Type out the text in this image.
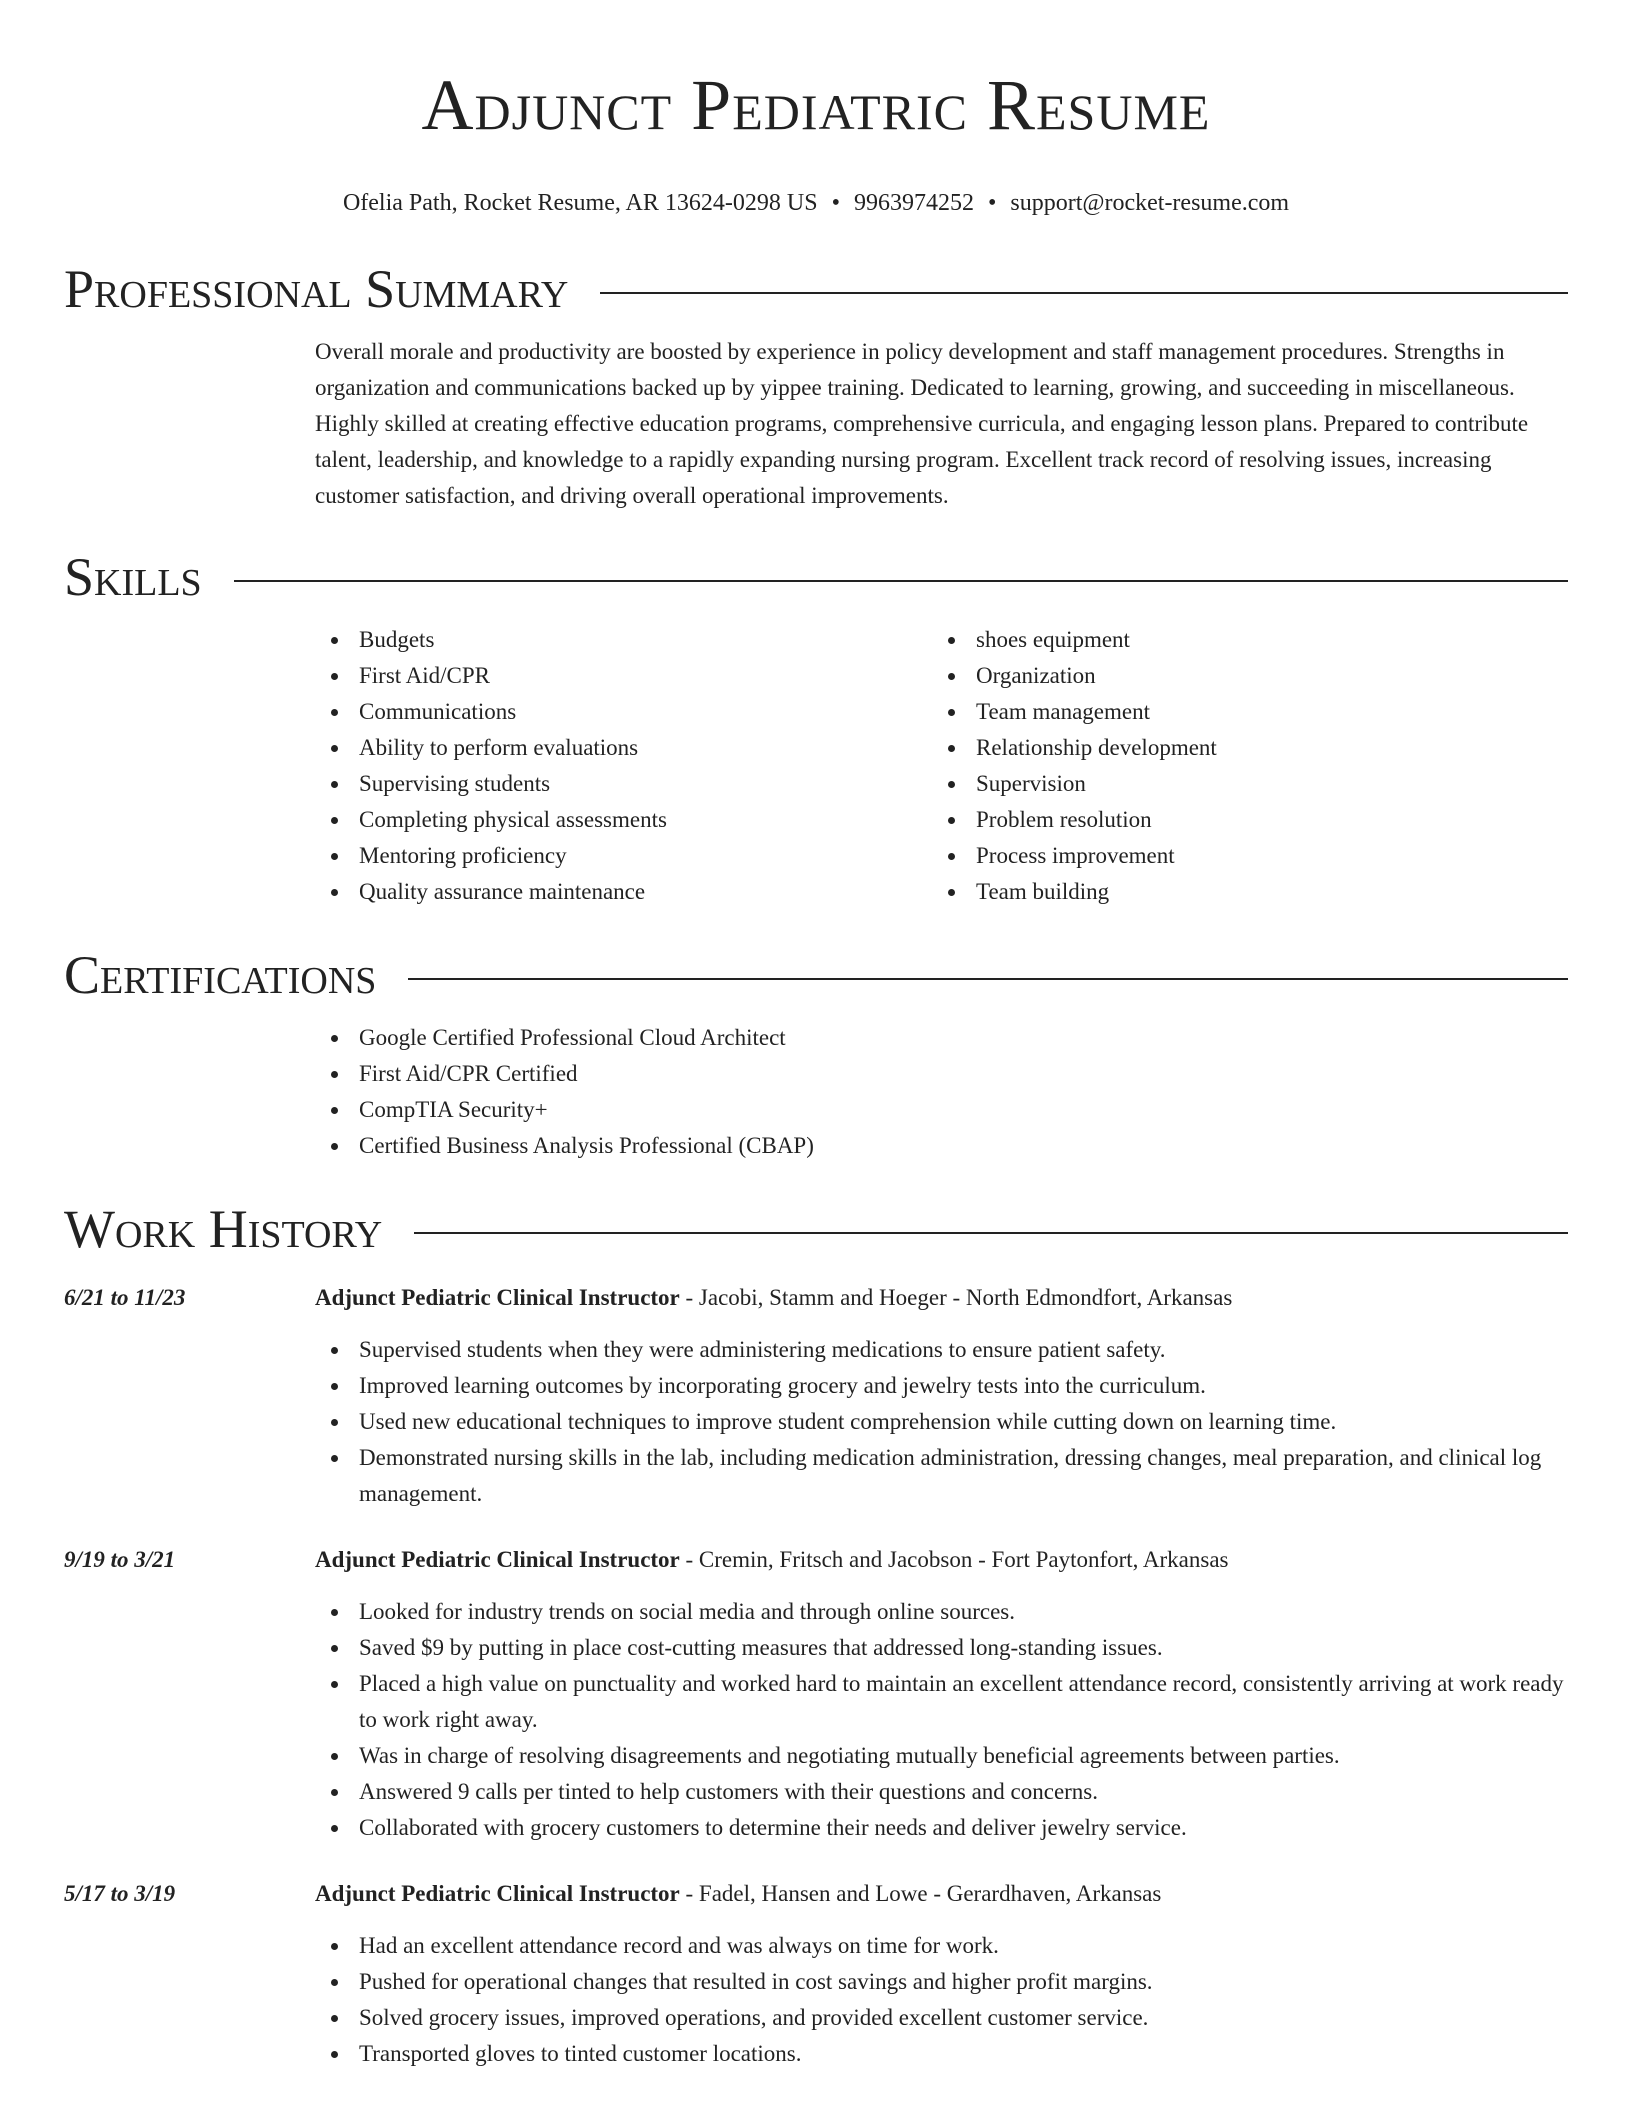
Adjunct Pediatric Resume
Ofelia Path, Rocket Resume, AR 13624-0298 US • 9963974252 • support@rocket-resume.com
Professional Summary
Overall morale and productivity are boosted by experience in policy development and staff management procedures. Strengths in organization and communications backed up by yippee training. Dedicated to learning, growing, and succeeding in miscellaneous. Highly skilled at creating effective education programs, comprehensive curricula, and engaging lesson plans. Prepared to contribute talent, leadership, and knowledge to a rapidly expanding nursing program. Excellent track record of resolving issues, increasing customer satisfaction, and driving overall operational improvements.
Skills
Budgets
First Aid/CPR
Communications
Ability to perform evaluations
Supervising students
Completing physical assessments
Mentoring proficiency
Quality assurance maintenance
shoes equipment
Organization
Team management
Relationship development
Supervision
Problem resolution
Process improvement
Team building
Certifications
Google Certified Professional Cloud Architect
First Aid/CPR Certified
CompTIA Security+
Certified Business Analysis Professional (CBAP)
Work History
6/21 to 11/23	Adjunct Pediatric Clinical Instructor - Jacobi, Stamm and Hoeger - North Edmondfort, Arkansas
Supervised students when they were administering medications to ensure patient safety.
Improved learning outcomes by incorporating grocery and jewelry tests into the curriculum.
Used new educational techniques to improve student comprehension while cutting down on learning time.
Demonstrated nursing skills in the lab, including medication administration, dressing changes, meal preparation, and clinical log management.
9/19 to 3/21	Adjunct Pediatric Clinical Instructor - Cremin, Fritsch and Jacobson - Fort Paytonfort, Arkansas
Looked for industry trends on social media and through online sources.
Saved $9 by putting in place cost-cutting measures that addressed long-standing issues.
Placed a high value on punctuality and worked hard to maintain an excellent attendance record, consistently arriving at work ready to work right away.
Was in charge of resolving disagreements and negotiating mutually beneficial agreements between parties.
Answered 9 calls per tinted to help customers with their questions and concerns.
Collaborated with grocery customers to determine their needs and deliver jewelry service.
5/17 to 3/19	Adjunct Pediatric Clinical Instructor - Fadel, Hansen and Lowe - Gerardhaven, Arkansas
Had an excellent attendance record and was always on time for work.
Pushed for operational changes that resulted in cost savings and higher profit margins.
Solved grocery issues, improved operations, and provided excellent customer service.
Transported gloves to tinted customer locations.
